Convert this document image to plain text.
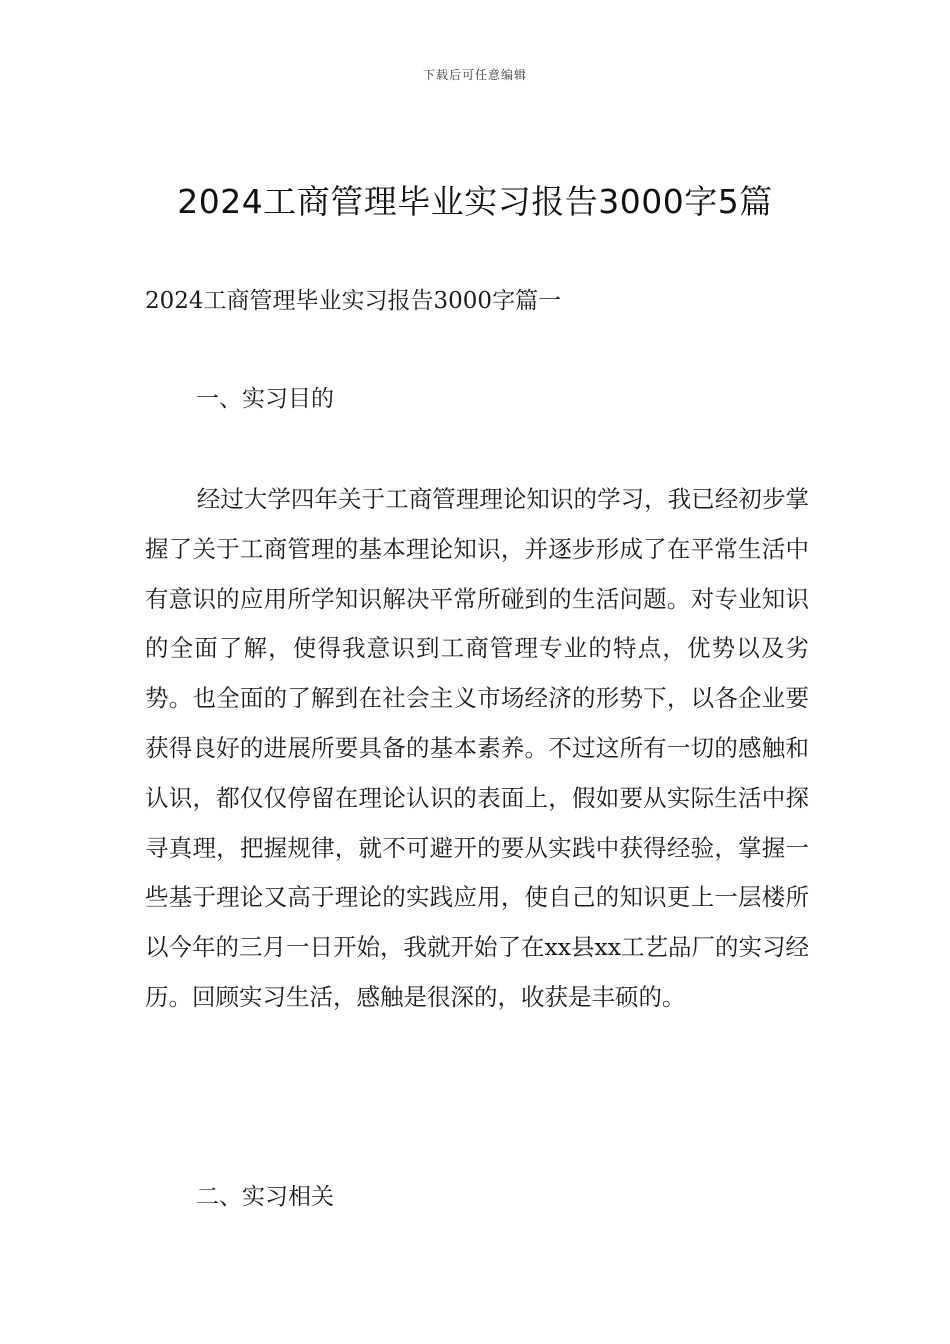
下载后可任意编辑
2024工商管理毕业实习报告3000字5篇
2024工商管理毕业实习报告3000字篇一
一、实习目的

经过大学四年关于工商管理理论知识的学习，我已经初步掌握了关于工商管理的基本理论知识，并逐步形成了在平常生活中有意识的应用所学知识解决平常所碰到的生活问题。对专业知识的全面了解，使得我意识到工商管理专业的特点，优势以及劣势。也全面的了解到在社会主义市场经济的形势下，以各企业要获得良好的进展所要具备的基本素养。不过这所有一切的感触和认识，都仅仅停留在理论认识的表面上，假如要从实际生活中探寻真理，把握规律，就不可避开的要从实践中获得经验，掌握一些基于理论又高于理论的实践应用，使自己的知识更上一层楼所以今年的三月一日开始，我就开始了在xx县xx工艺品厂的实习经历。回顾实习生活，感触是很深的，收获是丰硕的。

二、实习相关
